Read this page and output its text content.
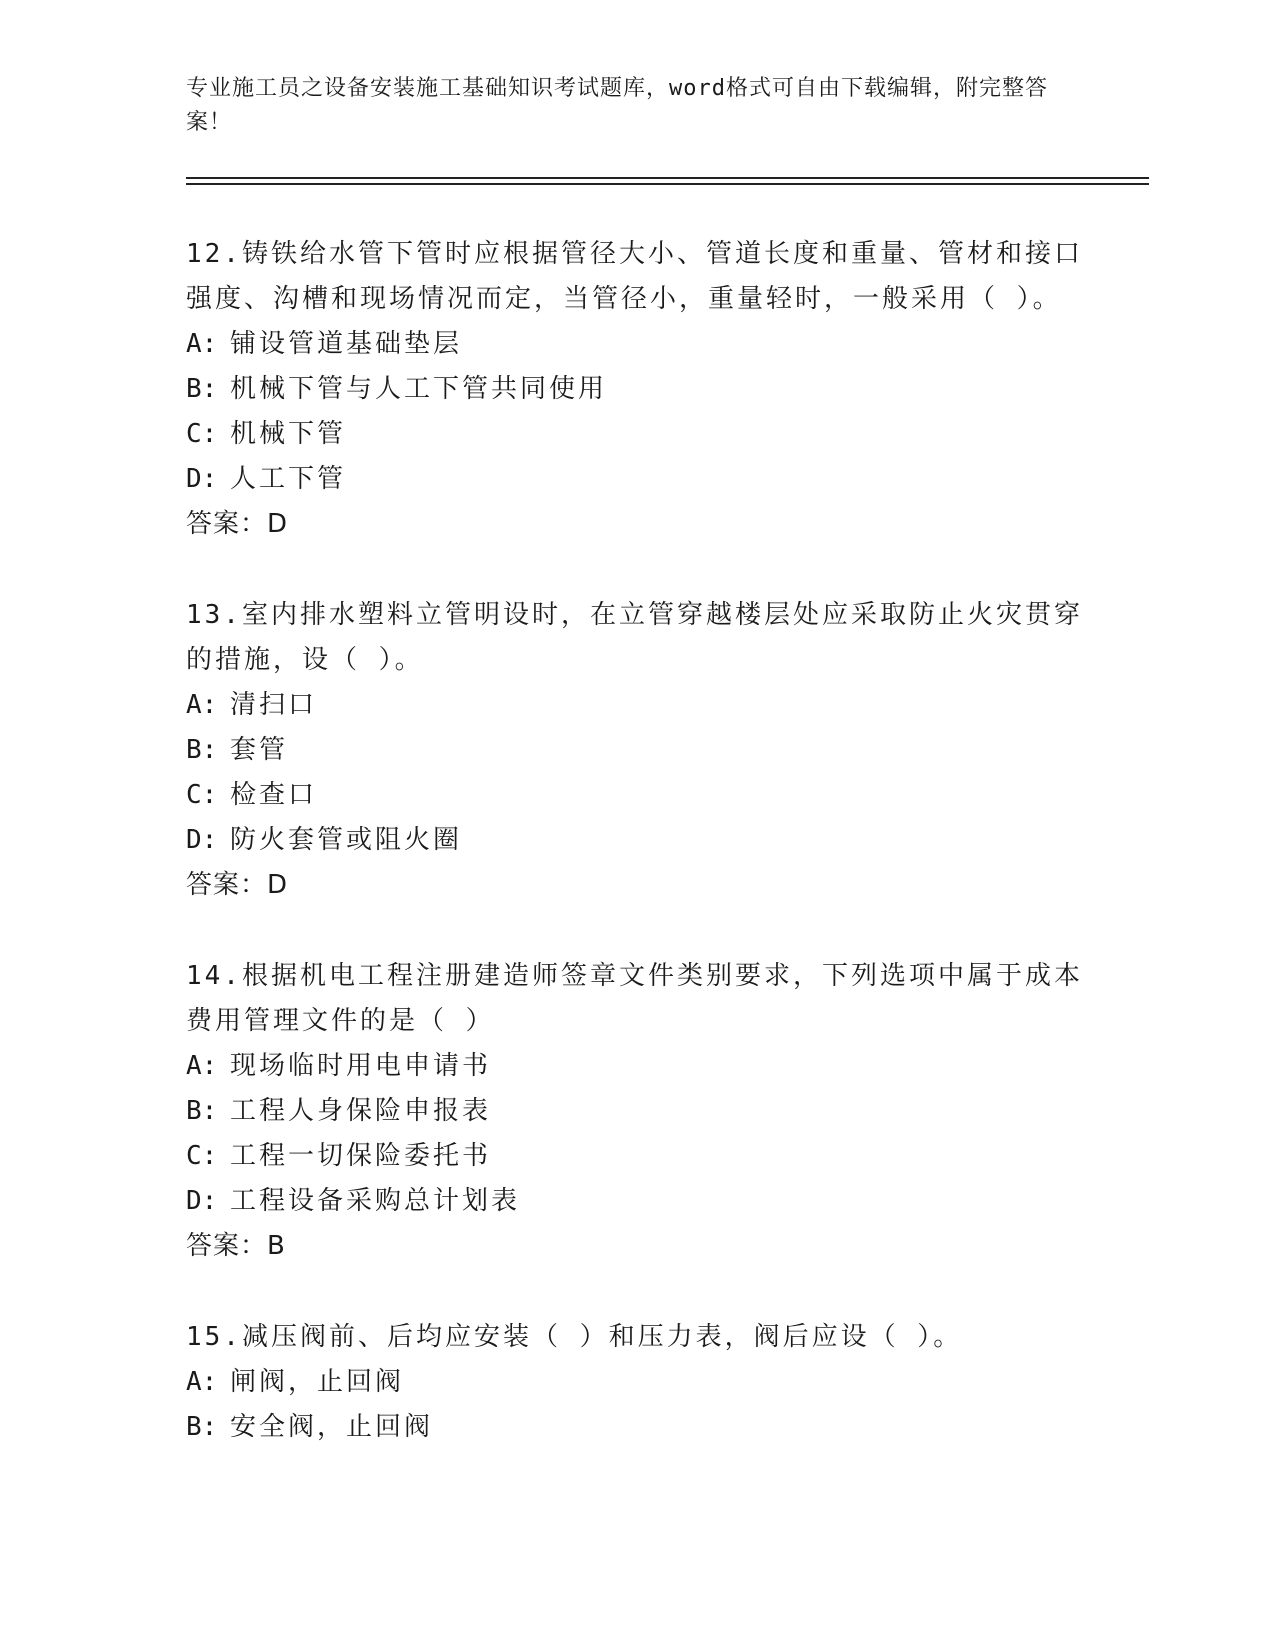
专业施工员之设备安装施工基础知识考试题库，word格式可自由下载编辑，附完整答案！
12.铸铁给水管下管时应根据管径大小、管道长度和重量、管材和接口强度、沟槽和现场情况而定，当管径小，重量轻时，一般采用（ ）。
A: 铺设管道基础垫层
B: 机械下管与人工下管共同使用
C: 机械下管
D: 人工下管
答案：D
13.室内排水塑料立管明设时，在立管穿越楼层处应采取防止火灾贯穿的措施，设（ ）。
A: 清扫口
B: 套管
C: 检查口
D: 防火套管或阻火圈
答案：D
14.根据机电工程注册建造师签章文件类别要求，下列选项中属于成本费用管理文件的是（ ）
A: 现场临时用电申请书
B: 工程人身保险申报表
C: 工程一切保险委托书
D: 工程设备采购总计划表
答案：B
15.减压阀前、后均应安装（ ）和压力表，阀后应设（ ）。
A: 闸阀，止回阀
B: 安全阀，止回阀
